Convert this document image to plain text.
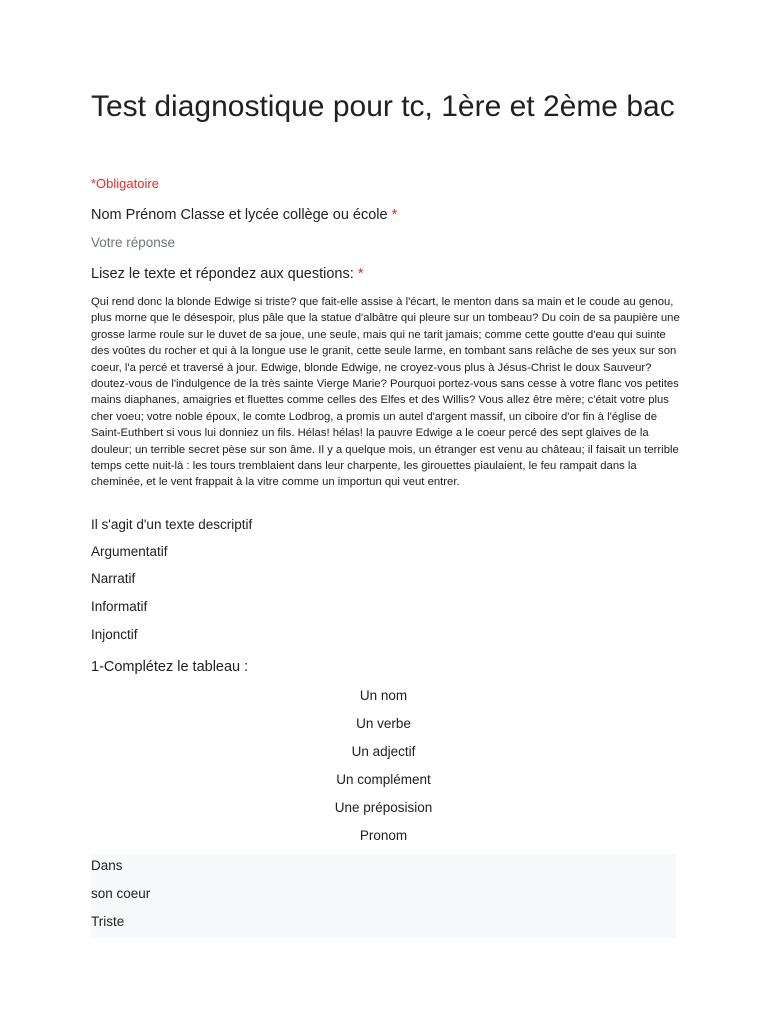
Test diagnostique pour tc, 1ère et 2ème bac
*Obligatoire
Nom Prénom Classe et lycée collège ou école *
Votre réponse
Lisez le texte et répondez aux questions: *

Qui rend donc la blonde Edwige si triste? que fait-elle assise à l'écart, le menton dans sa main et le coude au genou, plus morne que le désespoir, plus pâle que la statue d'albâtre qui pleure sur un tombeau? Du coin de sa paupière une grosse larme roule sur le duvet de sa joue, une seule, mais qui ne tarit jamais; comme cette goutte d'eau qui suinte des voûtes du rocher et qui à la longue use le granit, cette seule larme, en tombant sans relâche de ses yeux sur son coeur, l'a percé et traversé à jour. Edwige, blonde Edwige, ne croyez-vous plus à Jésus-Christ le doux Sauveur? doutez-vous de l'indulgence de la très sainte Vierge Marie? Pourquoi portez-vous sans cesse à votre flanc vos petites mains diaphanes, amaigries et fluettes comme celles des Elfes et des Willis? Vous allez être mère; c'était votre plus cher voeu; votre noble époux, le comte Lodbrog, a promis un autel d'argent massif, un ciboire d'or fin à l'église de Saint-Euthbert si vous lui donniez un fils. Hélas! hélas! la pauvre Edwige a le coeur percé des sept glaives de la douleur; un terrible secret pèse sur son âme. Il y a quelque mois, un étranger est venu au château; il faisait un terrible temps cette nuit-là : les tours tremblaient dans leur charpente, les girouettes piaulaient, le feu rampait dans la cheminée, et le vent frappait à la vitre comme un importun qui veut entrer.

Il s'agit d'un texte descriptif
Argumentatif
Narratif
Informatif
Injonctif
1-Complétez le tableau :
Un nom
Un verbe
Un adjectif
Un complément
Une préposision
Pronom
Dans
son coeur
Triste
